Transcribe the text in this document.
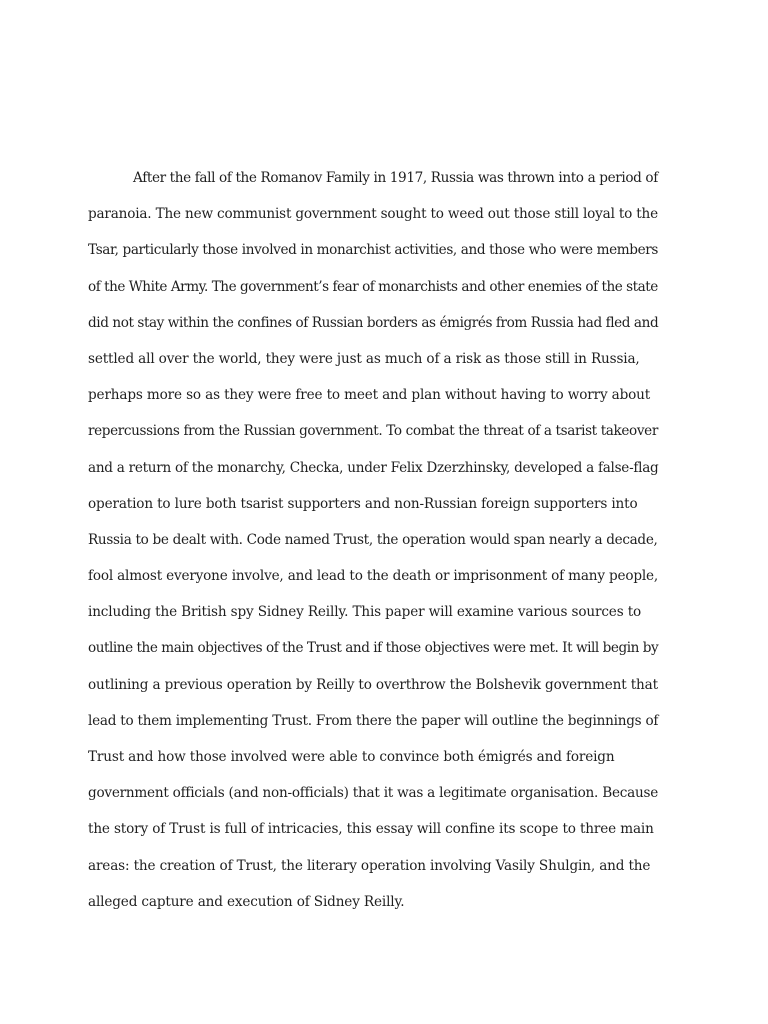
After the fall of the Romanov Family in 1917, Russia was thrown into a period of
paranoia. The new communist government sought to weed out those still loyal to the
Tsar, particularly those involved in monarchist activities, and those who were members
of the White Army. The government’s fear of monarchists and other enemies of the state
did not stay within the confines of Russian borders as émigrés from Russia had fled and
settled all over the world, they were just as much of a risk as those still in Russia,
perhaps more so as they were free to meet and plan without having to worry about
repercussions from the Russian government. To combat the threat of a tsarist takeover
and a return of the monarchy, Checka, under Felix Dzerzhinsky, developed a false-flag
operation to lure both tsarist supporters and non-Russian foreign supporters into
Russia to be dealt with. Code named Trust, the operation would span nearly a decade,
fool almost everyone involve, and lead to the death or imprisonment of many people,
including the British spy Sidney Reilly. This paper will examine various sources to
outline the main objectives of the Trust and if those objectives were met. It will begin by
outlining a previous operation by Reilly to overthrow the Bolshevik government that
lead to them implementing Trust. From there the paper will outline the beginnings of
Trust and how those involved were able to convince both émigrés and foreign
government officials (and non-officials) that it was a legitimate organisation. Because
the story of Trust is full of intricacies, this essay will confine its scope to three main
areas: the creation of Trust, the literary operation involving Vasily Shulgin, and the
alleged capture and execution of Sidney Reilly.
